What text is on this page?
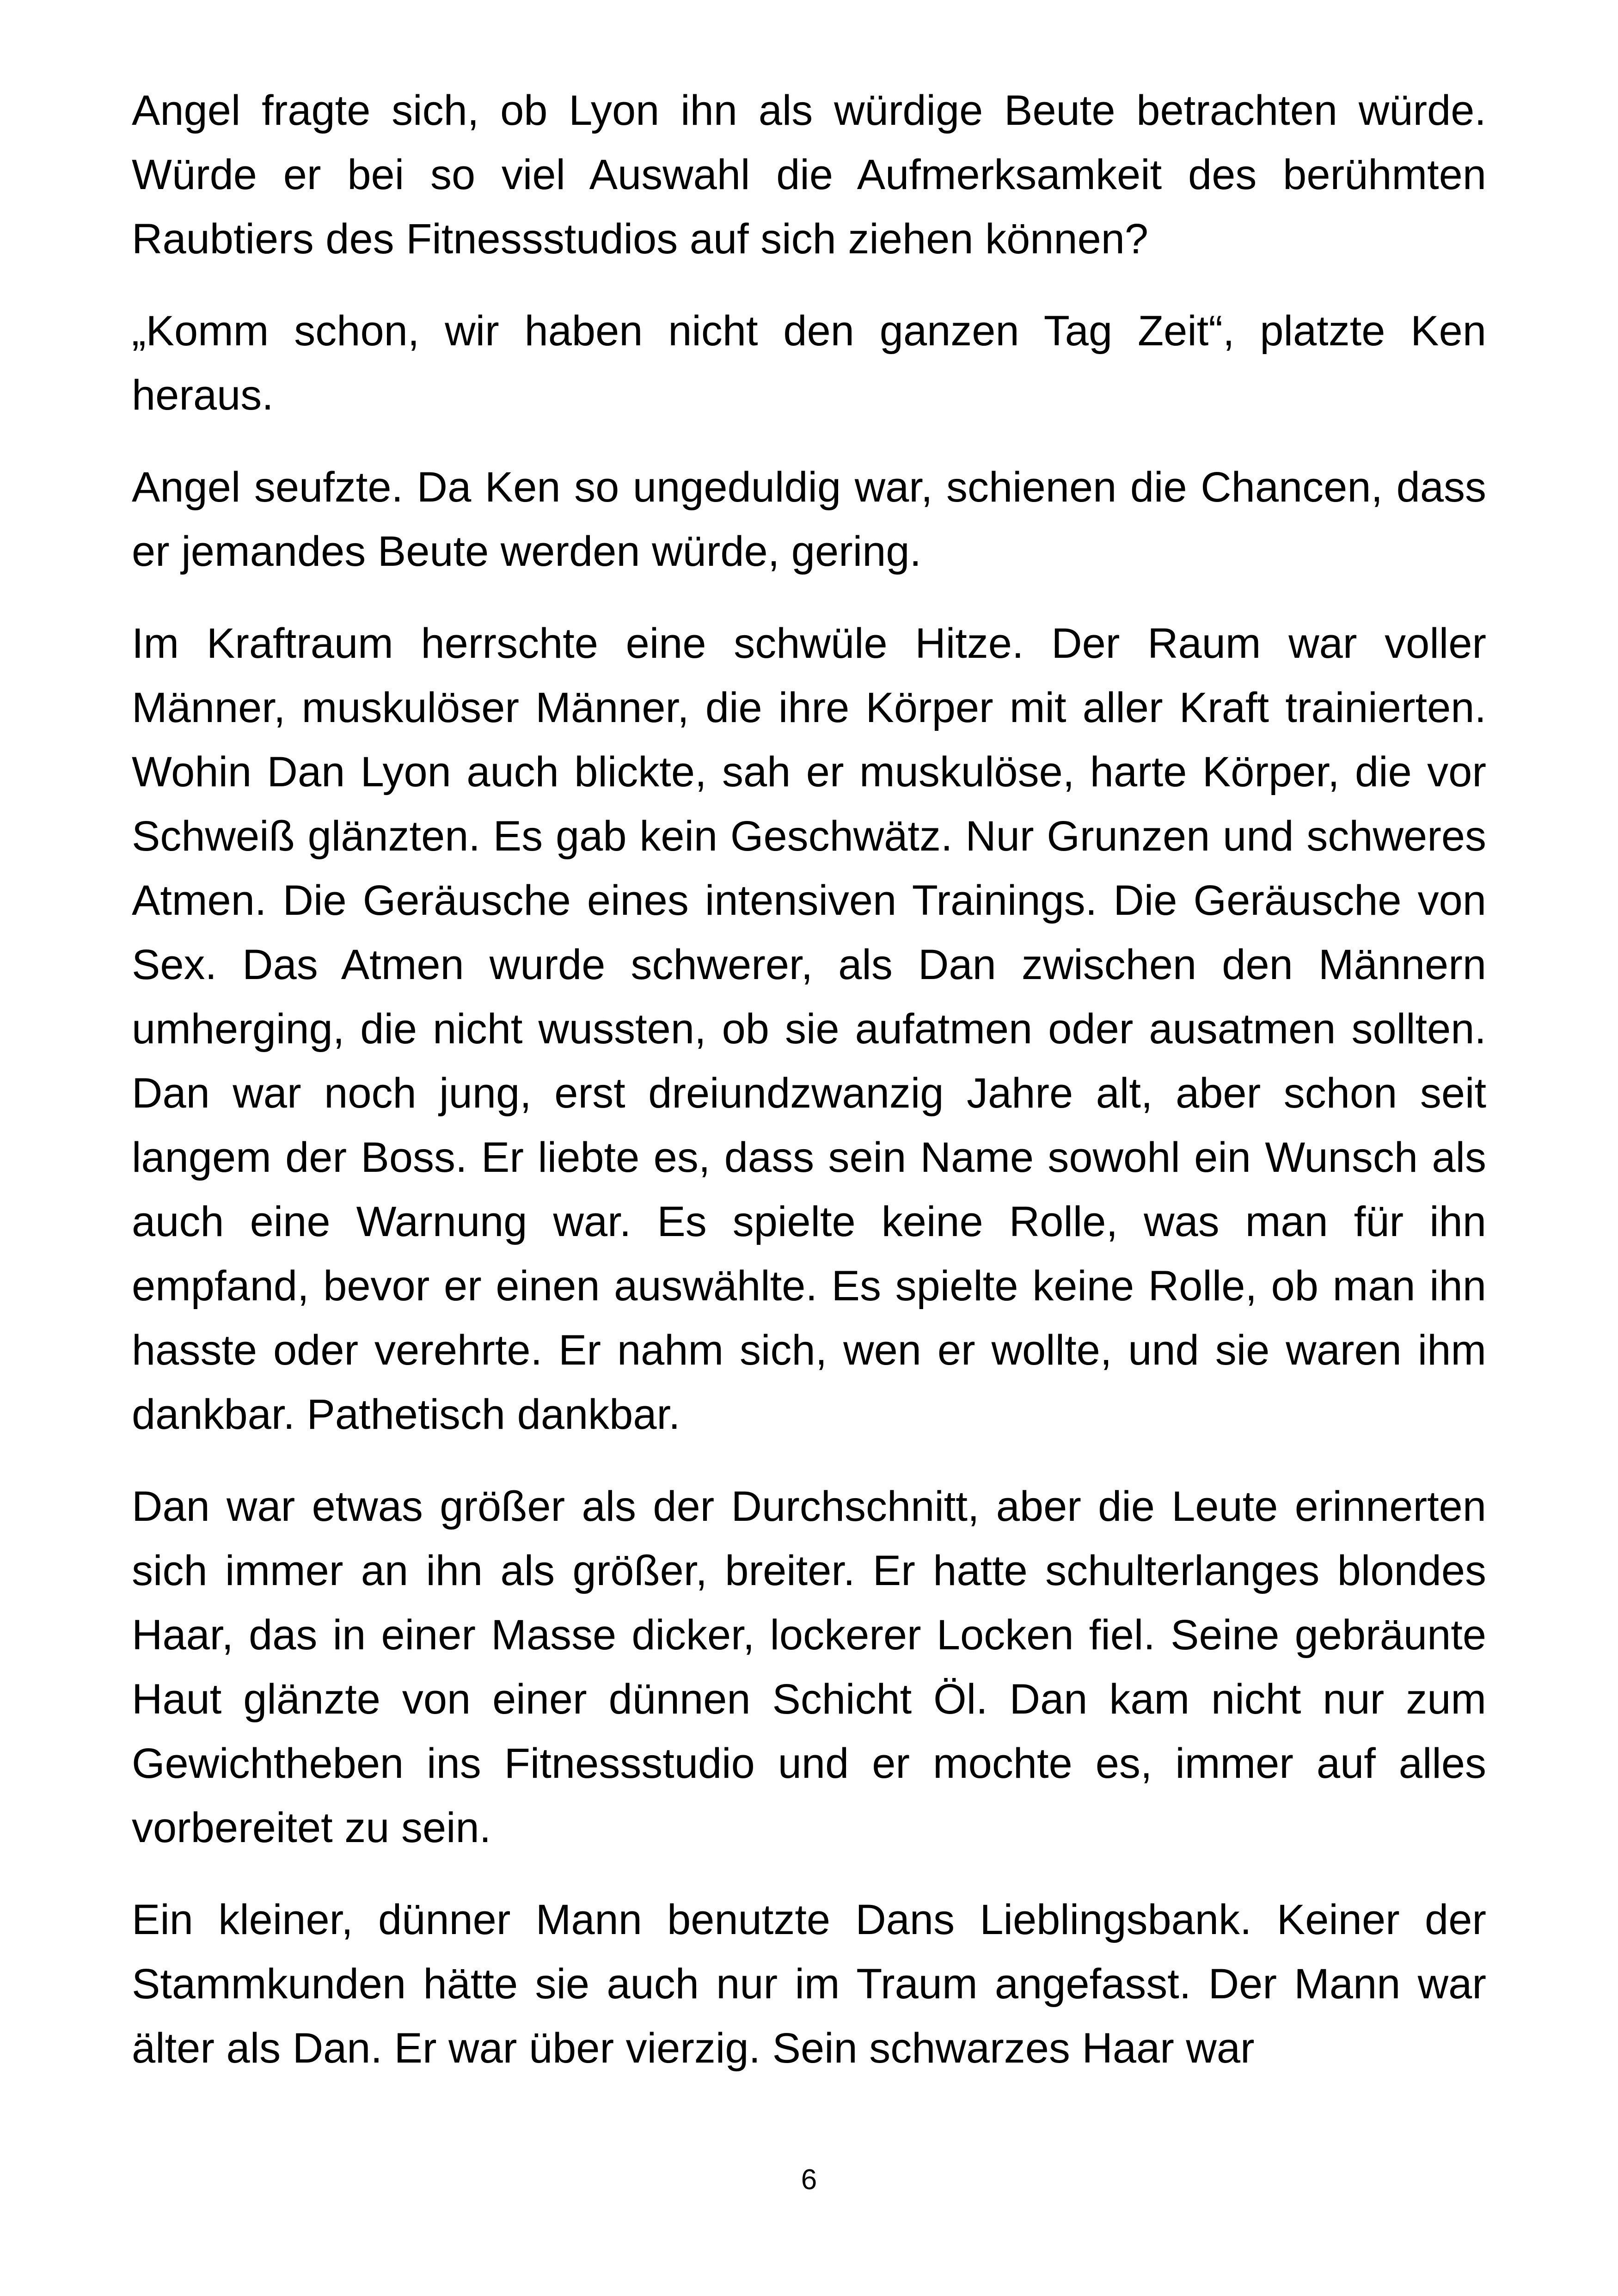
Angel fragte sich, ob Lyon ihn als würdige Beute betrachten würde. Würde er bei so viel Auswahl die Aufmerksamkeit des berühmten Raubtiers des Fitnessstudios auf sich ziehen können?

„Komm schon, wir haben nicht den ganzen Tag Zeit“, platzte Ken heraus.

Angel seufzte. Da Ken so ungeduldig war, schienen die Chancen, dass er jemandes Beute werden würde, gering.

Im Kraftraum herrschte eine schwüle Hitze. Der Raum war voller Männer, muskulöser Männer, die ihre Körper mit aller Kraft trainierten. Wohin Dan Lyon auch blickte, sah er muskulöse, harte Körper, die vor Schweiß glänzten. Es gab kein Geschwätz. Nur Grunzen und schweres Atmen. Die Geräusche eines intensiven Trainings. Die Geräusche von Sex. Das Atmen wurde schwerer, als Dan zwischen den Männern umherging, die nicht wussten, ob sie aufatmen oder ausatmen sollten. Dan war noch jung, erst dreiundzwanzig Jahre alt, aber schon seit langem der Boss. Er liebte es, dass sein Name sowohl ein Wunsch als auch eine Warnung war. Es spielte keine Rolle, was man für ihn empfand, bevor er einen auswählte. Es spielte keine Rolle, ob man ihn hasste oder verehrte. Er nahm sich, wen er wollte, und sie waren ihm dankbar. Pathetisch dankbar.

Dan war etwas größer als der Durchschnitt, aber die Leute erinnerten sich immer an ihn als größer, breiter. Er hatte schulterlanges blondes Haar, das in einer Masse dicker, lockerer Locken fiel. Seine gebräunte Haut glänzte von einer dünnen Schicht Öl. Dan kam nicht nur zum Gewichtheben ins Fitnessstudio und er mochte es, immer auf alles vorbereitet zu sein.

Ein kleiner, dünner Mann benutzte Dans Lieblingsbank. Keiner der Stammkunden hätte sie auch nur im Traum angefasst. Der Mann war älter als Dan. Er war über vierzig. Sein schwarzes Haar war

6
